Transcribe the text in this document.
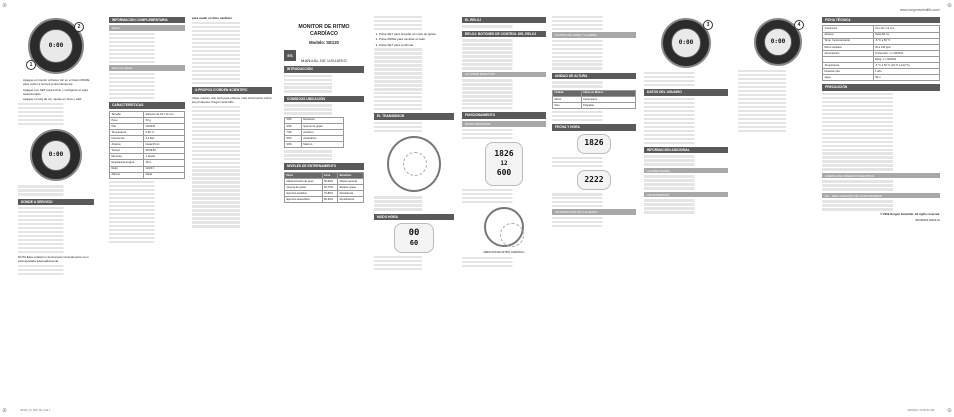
www.oregonscientific.com/
⊕	⊕
⊕	⊕
0:00
2
1
• Apague el monitor al hacer clic en el botón MODE para volver a la hora (entrenamiento).
• Apague con SET para borrar y configurar el valor seleccionado.
• Apague el reloj de ver, ajuste en hora y salir.
0:00
DONDE A SERVICIO

NOTA Esta unidad no funcionará correctamente si no está ajustada adecuadamente.

INFORMACIÓN COMPLEMENTARIA
Sobre
Para completar
CARACTERÍSTICAS
Tamaño	diametro de 45 x 14 mm
Peso	50 g
Pila	CR2032
Temperatura	0-50 °C
Frecuencia	5,3 kHz
Alcance	hasta 60 cm
Tiempo	99:59:59
Memoria	1 sesión
Resistencia al agua	30 m
Reloj	12/24 h
Alarma	diaria

para medir el ritmo cardíaco

A PROPOS D'ORDEN SCIENTIFIC

Visite nuestro sitio web para obtener más información sobre los productos Oregon Scientific.

MONITOR DE RITMO CARDÍACO
Modelo: SE120
ES
MANUAL DE USUARIO
INTRODUCCIÓN
CONSEJOS UBICACIÓN
50%	Descanso
60%	Quema de grasa
70%	Aeróbico
80%	Anaeróbico
90%	Máximo
NIVELES DE ENTRENAMIENTO
Nivel	Zona	Beneficio
Mantenimiento de peso	50-60%	Mejora general
Quema de grasa	60-70%	Reduce grasa
Ejercicio aeróbico	70-80%	Resistencia
Ejercicio anaeróbico	80-90%	Rendimiento
1. Pulse SET para acceder al modo de ajuste.
2. Pulse MODE para cambiar el valor.
3. Pulse SET para confirmar.
EL TRANSMISOR
MODO HORA
00
60
EL RELOJ
RELOJ: BOTONES DE CONTROL DEL RELOJ
ALCANCE EFECTIVO
FUNCIONAMIENTO
MODO PRINCIPAL
1826
12
600

MEDICIÓN DE RITMO CARDÍACO

AJUSTE DE HORA Y ALARMA
UNIDAD DE ALTURA
Unidad	Altura en Metros
Metro	Centímetros
Pies	Pulgadas
FECHA Y HORA
1826
2222
INFORMACIÓN DE CALORÍAS
0:00
3
DATOS DEL USUARIO
INFORMACIÓN ADICIONAL
ALARMA DIARIA
CRONÓMETRO
0:00
4
FICHA TÉCNICA
Transmisor	41 x 29 x 12 mm
Alcance	hasta 60 cm
Temp. funcionamiento	-5 °C a 50 °C
Ritmo cardíaco	30 a 240 ppm
Alimentación	Transmisor: 1 x CR2032
	Reloj: 1 x CR2032
Temperatura	-5 °C a 50 °C (23 °F a 122 °F)
Duración pila	1 año
Agua	30 m
PRECAUCIÓN
ACERCA DE OREGON SCIENTIFIC
EU - DECLARACIÓN DE CONFORMIDAD

© 2009 Oregon Scientific. All rights reserved.

300100016-00024-10

SE120_M_SPA_R1.indd 1	2009/9/11 10:59:42 AM
